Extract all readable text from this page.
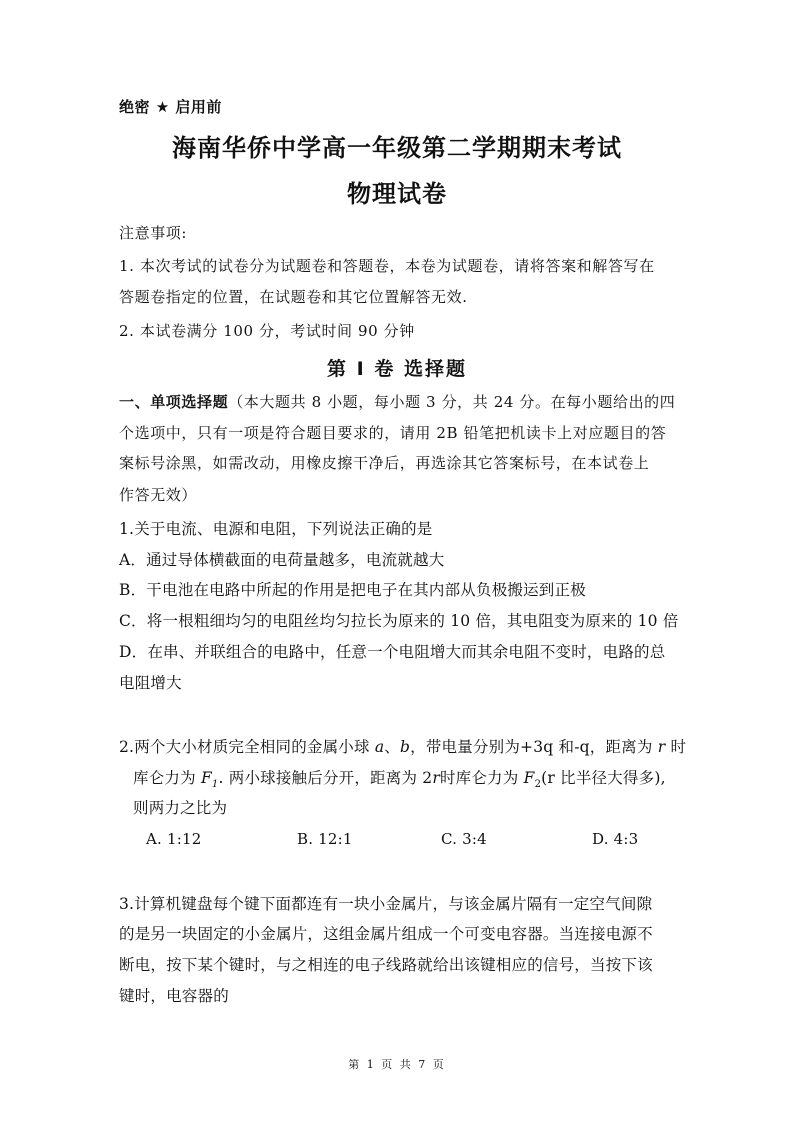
绝密 ★ 启用前
海南华侨中学高一年级第二学期期末考试
物理试卷
注意事项:
1. 本次考试的试卷分为试题卷和答题卷，本卷为试题卷，请将答案和解答写在
答题卷指定的位置，在试题卷和其它位置解答无效.
2. 本试卷满分 100 分，考试时间 90 分钟
第 I 卷 选择题
一、单项选择题（本大题共 8 小题，每小题 3 分，共 24 分。在每小题给出的四
个选项中，只有一项是符合题目要求的，请用 2B 铅笔把机读卡上对应题目的答
案标号涂黑，如需改动，用橡皮擦干净后，再选涂其它答案标号，在本试卷上
作答无效）
1.关于电流、电源和电阻，下列说法正确的是
A．通过导体横截面的电荷量越多，电流就越大
B．干电池在电路中所起的作用是把电子在其内部从负极搬运到正极
C．将一根粗细均匀的电阻丝均匀拉长为原来的 10 倍，其电阻变为原来的 10 倍
D．在串、并联组合的电路中，任意一个电阻增大而其余电阻不变时，电路的总
电阻增大
2.两个大小材质完全相同的金属小球 a、b，带电量分别为+3q 和-q，距离为 r 时
库仑力为 $F_1$. 两小球接触后分开，距离为 2r时库仑力为 $F_2(r$ 比半径大得多),
则两力之比为
A. 1:12	B. 12:1	C. 3:4	D. 4:3
3.计算机键盘每个键下面都连有一块小金属片，与该金属片隔有一定空气间隙
的是另一块固定的小金属片，这组金属片组成一个可变电容器。当连接电源不
断电，按下某个键时，与之相连的电子线路就给出该键相应的信号，当按下该
键时，电容器的
第 1 页 共 7 页
